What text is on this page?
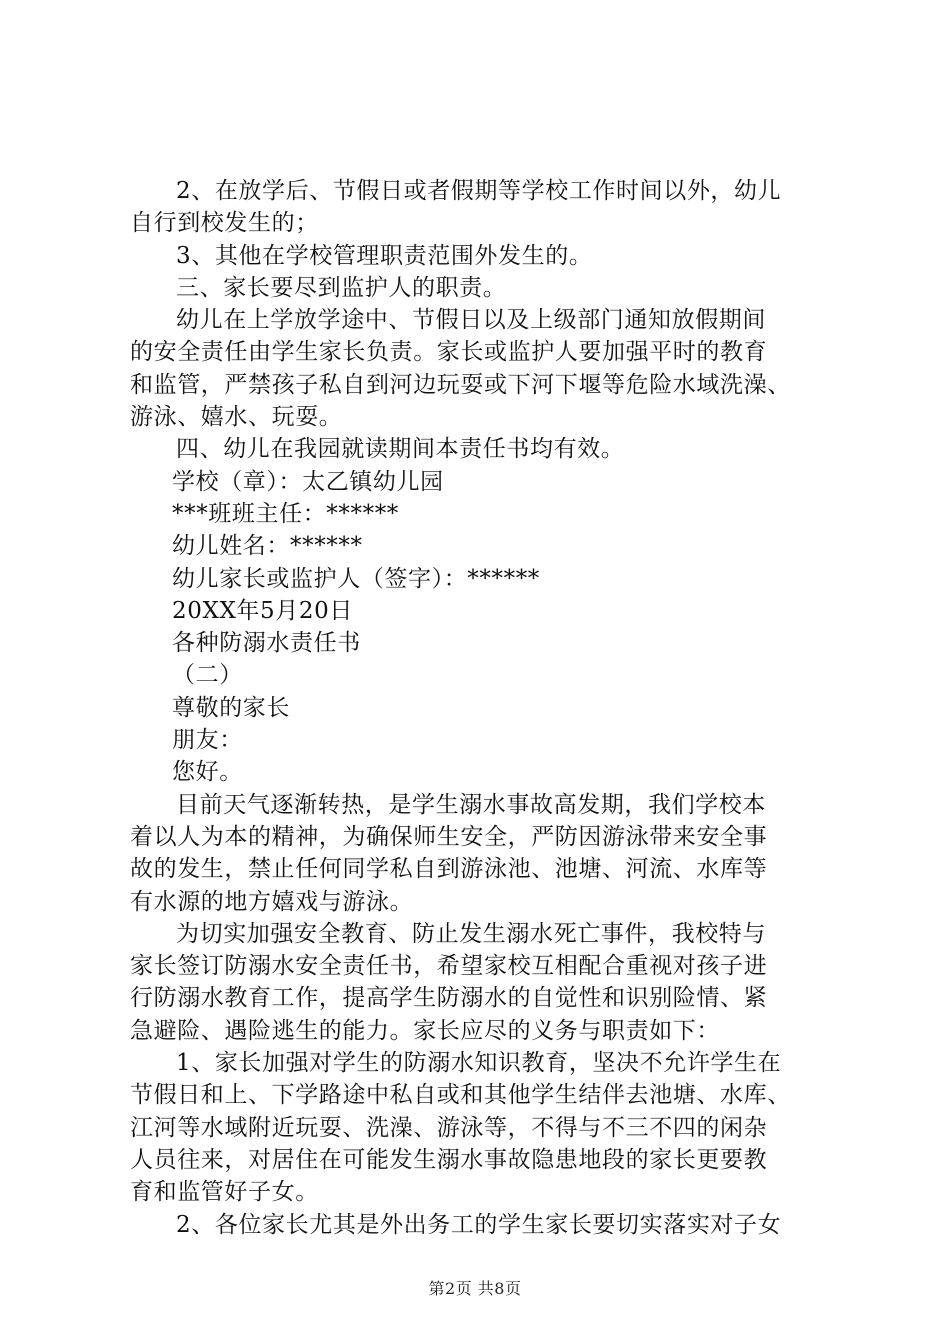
2、在放学后、节假日或者假期等学校工作时间以外，幼儿
自行到校发生的；
3、其他在学校管理职责范围外发生的。
三、家长要尽到监护人的职责。
幼儿在上学放学途中、节假日以及上级部门通知放假期间
的安全责任由学生家长负责。家长或监护人要加强平时的教育
和监管，严禁孩子私自到河边玩耍或下河下堰等危险水域洗澡、
游泳、嬉水、玩耍。
四、幼儿在我园就读期间本责任书均有效。
学校（章）：太乙镇幼儿园
***班班主任：******
幼儿姓名：******
幼儿家长或监护人（签字）：******
20XX年5月20日
各种防溺水责任书
（二）
尊敬的家长
朋友：
您好。
目前天气逐渐转热，是学生溺水事故高发期，我们学校本
着以人为本的精神，为确保师生安全，严防因游泳带来安全事
故的发生，禁止任何同学私自到游泳池、池塘、河流、水库等
有水源的地方嬉戏与游泳。
为切实加强安全教育、防止发生溺水死亡事件，我校特与
家长签订防溺水安全责任书，希望家校互相配合重视对孩子进
行防溺水教育工作，提高学生防溺水的自觉性和识别险情、紧
急避险、遇险逃生的能力。家长应尽的义务与职责如下：
1、家长加强对学生的防溺水知识教育，坚决不允许学生在
节假日和上、下学路途中私自或和其他学生结伴去池塘、水库、
江河等水域附近玩耍、洗澡、游泳等，不得与不三不四的闲杂
人员往来，对居住在可能发生溺水事故隐患地段的家长更要教
育和监管好子女。
2、各位家长尤其是外出务工的学生家长要切实落实对子女
第2页 共8页
